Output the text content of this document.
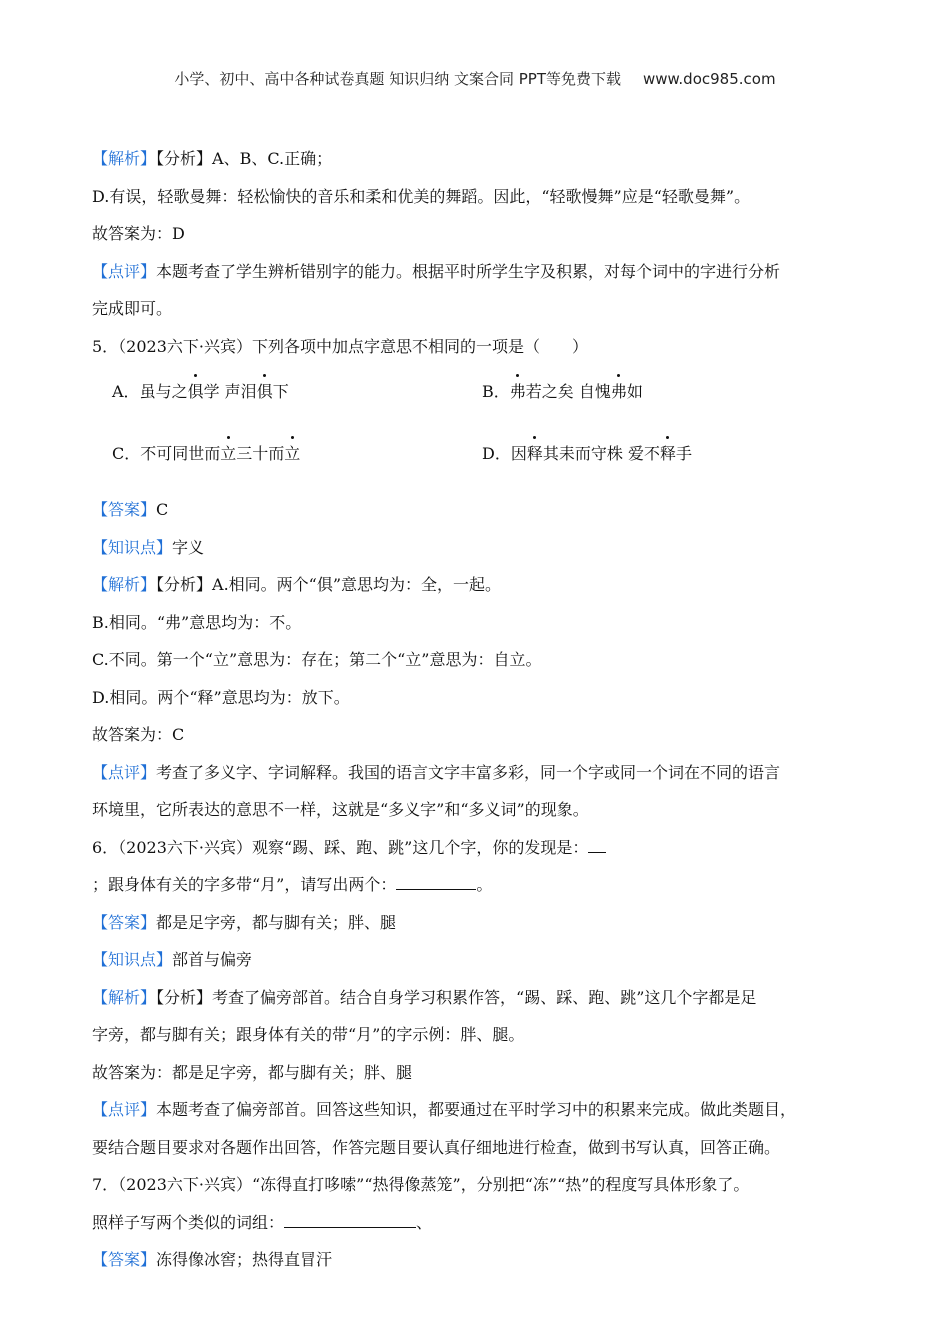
小学、初中、高中各种试卷真题 知识归纳 文案合同 PPT等免费下载 www.doc985.com
【解析】【分析】A、B、C.正确；
D.有误，轻歌曼舞：轻松愉快的音乐和柔和优美的舞蹈。因此，“轻歌慢舞”应是“轻歌曼舞”。
故答案为：D
【点评】本题考查了学生辨析错别字的能力。根据平时所学生字及积累，对每个词中的字进行分析
完成即可。
5．（2023六下·兴宾）下列各项中加点字意思不相同的一项是（　　）
A．虽与之俱学 声泪俱下	B．弗若之矣 自愧弗如
C．不可同世而立三十而立	D．因释其耒而守株 爱不释手
【答案】C
【知识点】字义
【解析】【分析】A.相同。两个“俱”意思均为：全，一起。
B.相同。“弗”意思均为：不。
C.不同。第一个“立”意思为：存在；第二个“立”意思为：自立。
D.相同。两个“释”意思均为：放下。
故答案为：C
【点评】考查了多义字、字词解释。我国的语言文字丰富多彩，同一个字或同一个词在不同的语言
环境里，它所表达的意思不一样，这就是“多义字”和“多义词”的现象。
6．（2023六下·兴宾）观察“踢、踩、跑、跳”这几个字，你的发现是：
；跟身体有关的字多带“月”，请写出两个：	。
【答案】都是足字旁，都与脚有关；胖、腿
【知识点】部首与偏旁
【解析】【分析】考查了偏旁部首。结合自身学习积累作答，“踢、踩、跑、跳”这几个字都是足
字旁，都与脚有关；跟身体有关的带“月”的字示例：胖、腿。
故答案为：都是足字旁，都与脚有关；胖、腿
【点评】本题考查了偏旁部首。回答这些知识，都要通过在平时学习中的积累来完成。做此类题目，
要结合题目要求对各题作出回答，作答完题目要认真仔细地进行检查，做到书写认真，回答正确。
7．（2023六下·兴宾）“冻得直打哆嗦”“热得像蒸笼”，分别把“冻”“热”的程度写具体形象了。
照样子写两个类似的词组：	、
【答案】冻得像冰窖；热得直冒汗
